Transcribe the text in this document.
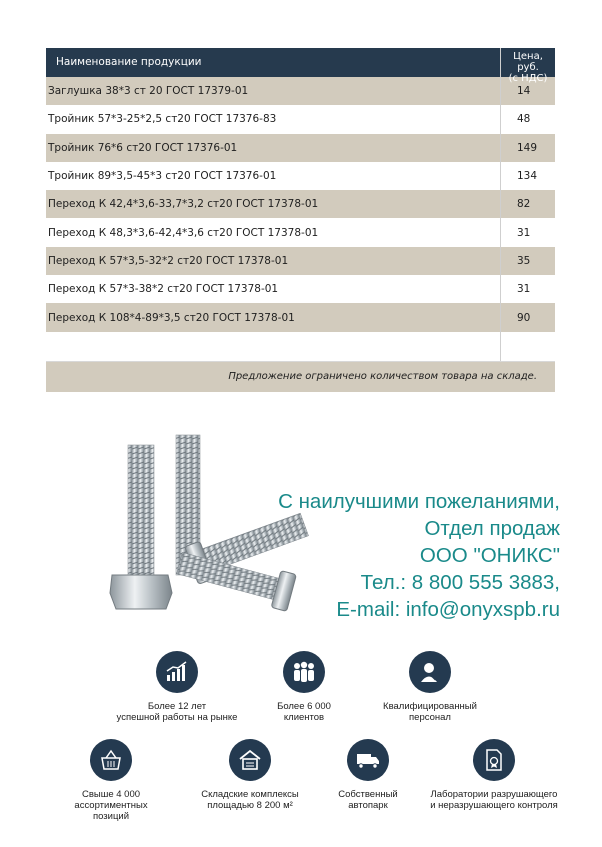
Наименование продукции	Цена, руб.
(с НДС)
Заглушка 38*3 ст 20 ГОСТ 17379-01	14
Тройник 57*3-25*2,5 ст20 ГОСТ 17376-83	48
Тройник 76*6 ст20 ГОСТ 17376-01	149
Тройник 89*3,5-45*3 ст20 ГОСТ 17376-01	134
Переход К 42,4*3,6-33,7*3,2 ст20 ГОСТ 17378-01	82
Переход К 48,3*3,6-42,4*3,6 ст20 ГОСТ 17378-01	31
Переход К 57*3,5-32*2 ст20 ГОСТ 17378-01	35
Переход К 57*3-38*2 ст20 ГОСТ 17378-01	31
Переход К 108*4-89*3,5 ст20 ГОСТ 17378-01	90
Предложение ограничено количеством товара на складе.
С наилучшими пожеланиями,
Отдел продаж
ООО "ОНИКС"
Тел.: 8 800 555 3883,
E-mail: info@onyxspb.ru
Более 12 лет
успешной работы на рынке
Более 6 000
клиентов
Квалифицированный
персонал
Свыше 4 000 ассортиментных
позиций
Складские комплексы
площадью 8 200 м²
Собственный
автопарк
Лаборатории разрушающего
и неразрушающего контроля
